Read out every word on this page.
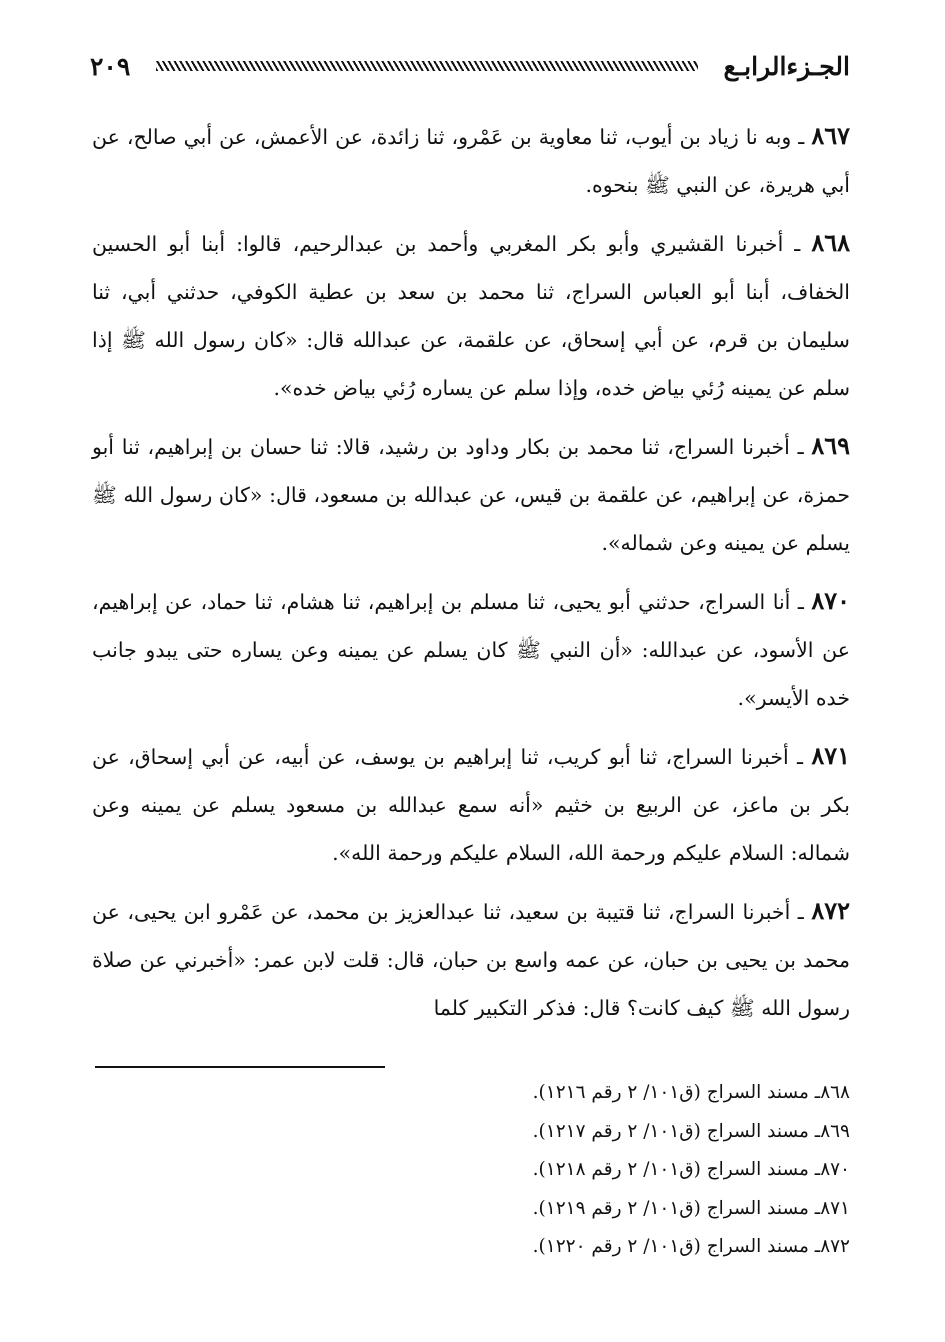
الجـزءالرابـع
٢٠٩

٨٦٧ ـ وبه نا زياد بن أيوب، ثنا معاوية بن عَمْرو، ثنا زائدة، عن الأعمش، عن أبي صالح، عن أبي هريرة، عن النبي ﷺ بنحوه.

٨٦٨ ـ أخبرنا القشيري وأبو بكر المغربي وأحمد بن عبدالرحيم، قالوا: أبنا أبو الحسين الخفاف، أبنا أبو العباس السراج، ثنا محمد بن سعد بن عطية الكوفي، حدثني أبي، ثنا سليمان بن قرم، عن أبي إسحاق، عن علقمة، عن عبدالله قال: «كان رسول الله ﷺ إذا سلم عن يمينه رُئي بياض خده، وإذا سلم عن يساره رُئي بياض خده».

٨٦٩ ـ أخبرنا السراج، ثنا محمد بن بكار وداود بن رشيد، قالا: ثنا حسان بن إبراهيم، ثنا أبو حمزة، عن إبراهيم، عن علقمة بن قيس، عن عبدالله بن مسعود، قال: «كان رسول الله ﷺ يسلم عن يمينه وعن شماله».

٨٧٠ ـ أنا السراج، حدثني أبو يحيى، ثنا مسلم بن إبراهيم، ثنا هشام، ثنا حماد، عن إبراهيم، عن الأسود، عن عبدالله: «أن النبي ﷺ كان يسلم عن يمينه وعن يساره حتى يبدو جانب خده الأيسر».

٨٧١ ـ أخبرنا السراج، ثنا أبو كريب، ثنا إبراهيم بن يوسف، عن أبيه، عن أبي إسحاق، عن بكر بن ماعز، عن الربيع بن خثيم «أنه سمع عبدالله بن مسعود يسلم عن يمينه وعن شماله: السلام عليكم ورحمة الله، السلام عليكم ورحمة الله».

٨٧٢ ـ أخبرنا السراج، ثنا قتيبة بن سعيد، ثنا عبدالعزيز بن محمد، عن عَمْرو ابن يحيى، عن محمد بن يحيى بن حبان، عن عمه واسع بن حبان، قال: قلت لابن عمر: «أخبرني عن صلاة رسول الله ﷺ كيف كانت؟ قال: فذكر التكبير كلما

٨٦٨ـ مسند السراج (ق١٠١/ ٢ رقم ١٢١٦).
٨٦٩ـ مسند السراج (ق١٠١/ ٢ رقم ١٢١٧).
٨٧٠ـ مسند السراج (ق١٠١/ ٢ رقم ١٢١٨).
٨٧١ـ مسند السراج (ق١٠١/ ٢ رقم ١٢١٩).
٨٧٢ـ مسند السراج (ق١٠١/ ٢ رقم ١٢٢٠).
